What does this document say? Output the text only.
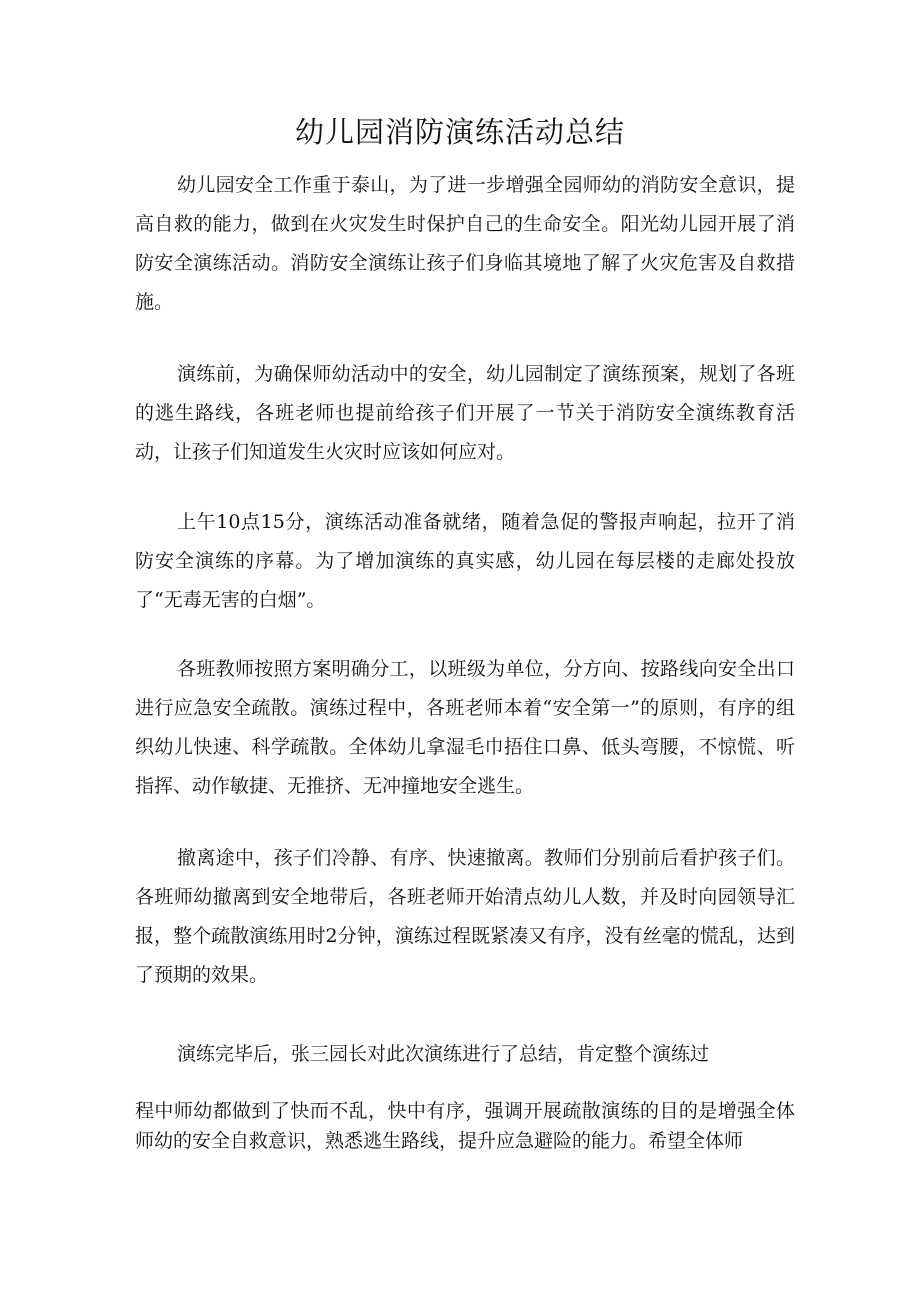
幼儿园消防演练活动总结

幼儿园安全工作重于泰山，为了进一步增强全园师幼的消防安全意识，提高自救的能力，做到在火灾发生时保护自己的生命安全。阳光幼儿园开展了消防安全演练活动。消防安全演练让孩子们身临其境地了解了火灾危害及自救措施。

演练前，为确保师幼活动中的安全，幼儿园制定了演练预案，规划了各班的逃生路线，各班老师也提前给孩子们开展了一节关于消防安全演练教育活动，让孩子们知道发生火灾时应该如何应对。

上午10点15分，演练活动准备就绪，随着急促的警报声响起，拉开了消防安全演练的序幕。为了增加演练的真实感，幼儿园在每层楼的走廊处投放了“无毒无害的白烟”。

各班教师按照方案明确分工，以班级为单位，分方向、按路线向安全出口进行应急安全疏散。演练过程中，各班老师本着“安全第一”的原则，有序的组织幼儿快速、科学疏散。全体幼儿拿湿毛巾捂住口鼻、低头弯腰，不惊慌、听指挥、动作敏捷、无推挤、无冲撞地安全逃生。

撤离途中，孩子们冷静、有序、快速撤离。教师们分别前后看护孩子们。各班师幼撤离到安全地带后，各班老师开始清点幼儿人数，并及时向园领导汇报，整个疏散演练用时2分钟，演练过程既紧凑又有序，没有丝毫的慌乱，达到了预期的效果。

演练完毕后，张三园长对此次演练进行了总结，肯定整个演练过

程中师幼都做到了快而不乱，快中有序，强调开展疏散演练的目的是增强全体师幼的安全自救意识，熟悉逃生路线，提升应急避险的能力。希望全体师
